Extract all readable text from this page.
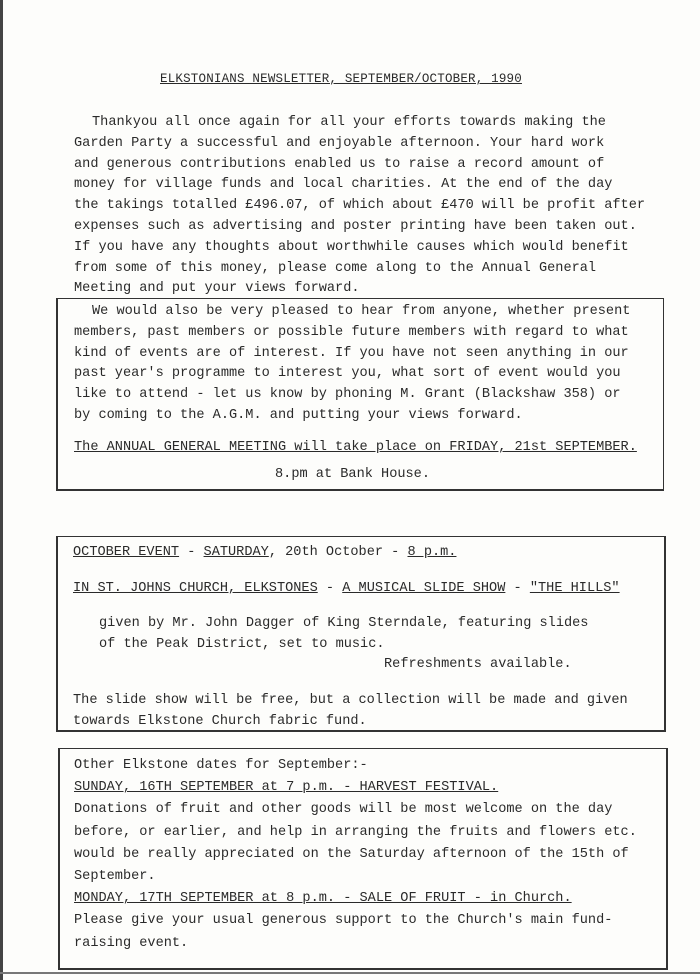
ELKSTONIANS NEWSLETTER, SEPTEMBER/OCTOBER, 1990
Thankyou all once again for all your efforts towards making the
Garden Party a successful and enjoyable afternoon. Your hard work
and generous contributions enabled us to raise a record amount of
money for village funds and local charities. At the end of the day
the takings totalled £496.07, of which about £470 will be profit after
expenses such as advertising and poster printing have been taken out.
If you have any thoughts about worthwhile causes which would benefit
from some of this money, please come along to the Annual General
Meeting and put your views forward.
We would also be very pleased to hear from anyone, whether present
members, past members or possible future members with regard to what
kind of events are of interest. If you have not seen anything in our
past year's programme to interest you, what sort of event would you
like to attend - let us know by phoning M. Grant (Blackshaw 358) or
by coming to the A.G.M. and putting your views forward.
The ANNUAL GENERAL MEETING will take place on FRIDAY, 21st SEPTEMBER.
8.pm at Bank House.
OCTOBER EVENT - SATURDAY, 20th October - 8 p.m.
IN ST. JOHNS CHURCH, ELKSTONES - A MUSICAL SLIDE SHOW - "THE HILLS"
given by Mr. John Dagger of King Sterndale, featuring slides
of the Peak District, set to music.
Refreshments available.
The slide show will be free, but a collection will be made and given
towards Elkstone Church fabric fund.
Other Elkstone dates for September:-
SUNDAY, 16TH SEPTEMBER at 7 p.m. - HARVEST FESTIVAL.
Donations of fruit and other goods will be most welcome on the day
before, or earlier, and help in arranging the fruits and flowers etc.
would be really appreciated on the Saturday afternoon of the 15th of
September.
MONDAY, 17TH SEPTEMBER at 8 p.m. - SALE OF FRUIT - in Church.
Please give your usual generous support to the Church's main fund-
raising event.
